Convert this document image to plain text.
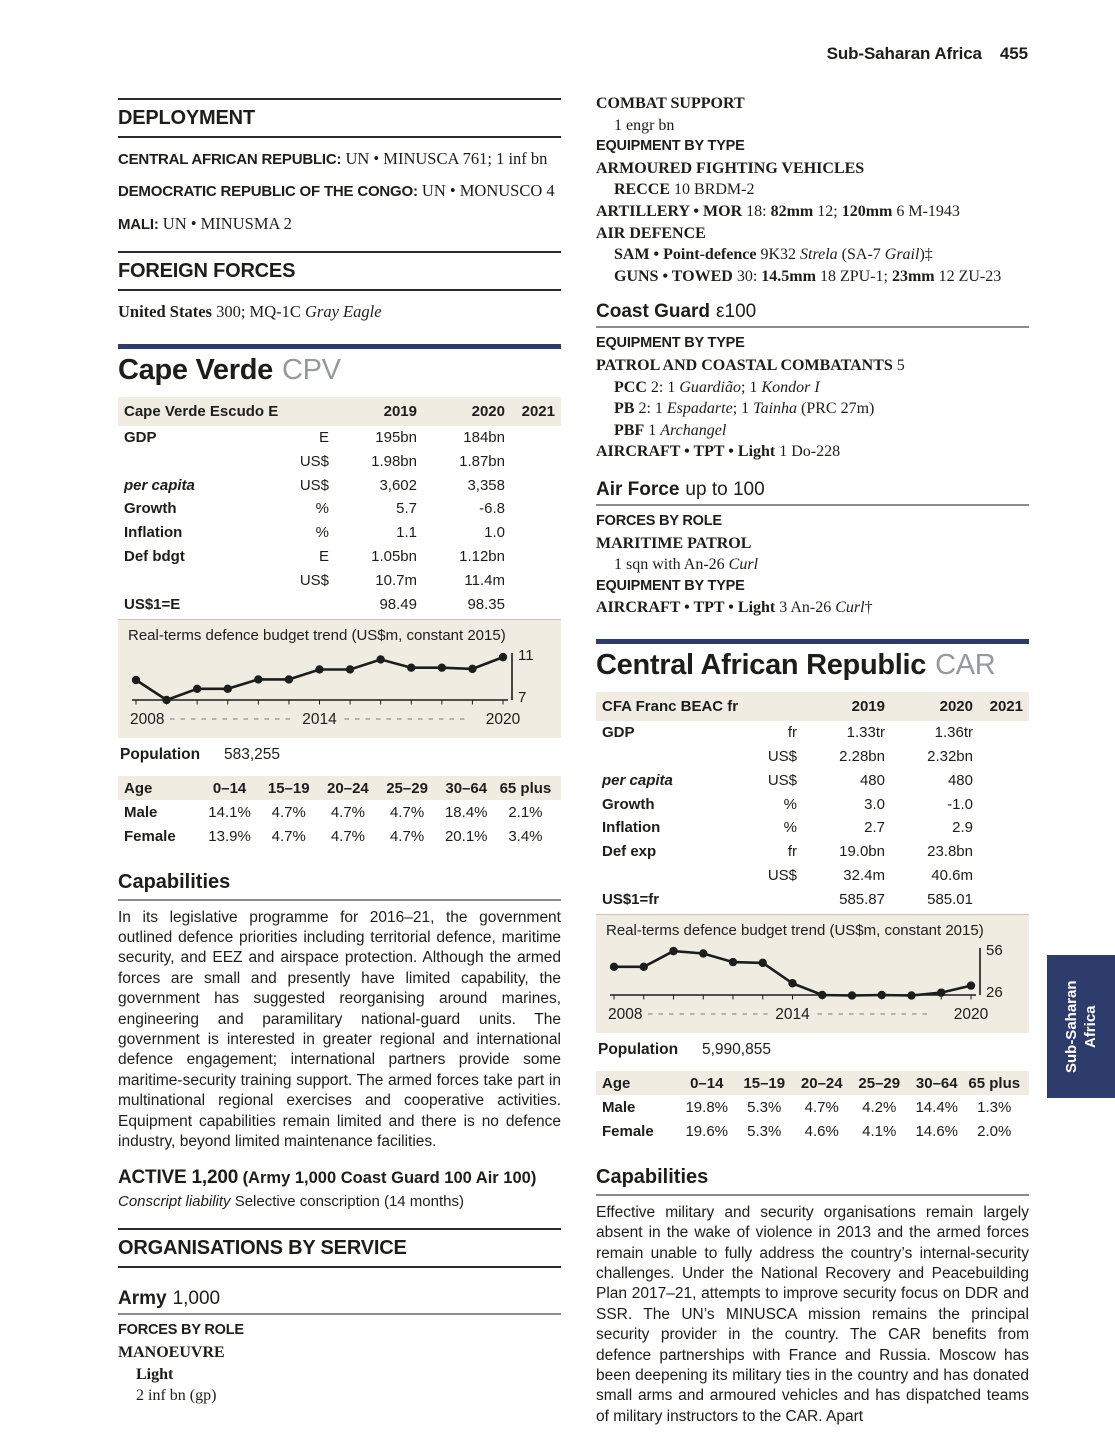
Sub-Saharan Africa 455
DEPLOYMENT
CENTRAL AFRICAN REPUBLIC: UN • MINUSCA 761; 1 inf bn
DEMOCRATIC REPUBLIC OF THE CONGO: UN • MONUSCO 4
MALI: UN • MINUSMA 2
FOREIGN FORCES
United States 300; MQ-1C Gray Eagle
Cape Verde CPV
Cape Verde Escudo E	2019	2020	2021
GDP	E	195bn	184bn
US$	1.98bn	1.87bn
per capita	US$	3,602	3,358
Growth	%	5.7	-6.8
Inflation	%	1.1	1.0
Def bdgt	E	1.05bn	1.12bn
US$	10.7m	11.4m
US$1=E	98.49	98.35
Real-terms defence budget trend (US$m, constant 2015)
11
7
2008	2014	2020
Population 583,255
Age	0–14	15–19	20–24	25–29	30–64 65 plus
Male	14.1%	4.7%	4.7%	4.7%	18.4%	2.1%
Female	13.9%	4.7%	4.7%	4.7%	20.1%	3.4%
Capabilities

In its legislative programme for 2016–21, the government outlined defence priorities including territorial defence, maritime security, and EEZ and airspace protection. Although the armed forces are small and presently have limited capability, the government has suggested reorganising around marines, engineering and paramilitary national-guard units. The government is interested in greater regional and international defence engagement; international partners provide some maritime-security training support. The armed forces take part in multinational regional exercises and cooperative activities. Equipment capabilities remain limited and there is no defence industry, beyond limited maintenance facilities.

ACTIVE 1,200 (Army 1,000 Coast Guard 100 Air 100)
Conscript liability Selective conscription (14 months)
ORGANISATIONS BY SERVICE
Army 1,000
FORCES BY ROLE
MANOEUVRE
Light
2 inf bn (gp)
COMBAT SUPPORT
1 engr bn
EQUIPMENT BY TYPE
ARMOURED FIGHTING VEHICLES
RECCE 10 BRDM-2
ARTILLERY • MOR 18: 82mm 12; 120mm 6 M-1943
AIR DEFENCE
SAM • Point-defence 9K32 Strela (SA-7 Grail)‡
GUNS • TOWED 30: 14.5mm 18 ZPU-1; 23mm 12 ZU-23
Coast Guard ε100
EQUIPMENT BY TYPE
PATROL AND COASTAL COMBATANTS 5
PCC 2: 1 Guardião; 1 Kondor I
PB 2: 1 Espadarte; 1 Tainha (PRC 27m)
PBF 1 Archangel
AIRCRAFT • TPT • Light 1 Do-228
Air Force up to 100
FORCES BY ROLE
MARITIME PATROL
1 sqn with An-26 Curl
EQUIPMENT BY TYPE
AIRCRAFT • TPT • Light 3 An-26 Curl†
Central African Republic CAR
CFA Franc BEAC fr	2019	2020	2021
GDP	fr	1.33tr	1.36tr
US$	2.28bn	2.32bn
per capita	US$	480	480
Growth	%	3.0	-1.0
Inflation	%	2.7	2.9
Def exp	fr	19.0bn	23.8bn
US$	32.4m	40.6m
US$1=fr	585.87	585.01
Real-terms defence budget trend (US$m, constant 2015)
56
26
2008	2014	2020
Population 5,990,855
Age	0–14	15–19	20–24	25–29	30–64 65 plus
Male	19.8%	5.3%	4.7%	4.2%	14.4%	1.3%
Female	19.6%	5.3%	4.6%	4.1%	14.6%	2.0%
Capabilities

Effective military and security organisations remain largely absent in the wake of violence in 2013 and the armed forces remain unable to fully address the country’s internal-security challenges. Under the National Recovery and Peacebuilding Plan 2017–21, attempts to improve security focus on DDR and SSR. The UN’s MINUSCA mission remains the principal security provider in the country. The CAR benefits from defence partnerships with France and Russia. Moscow has been deepening its military ties in the country and has donated small arms and armoured vehicles and has dispatched teams of military instructors to the CAR. Apart

Sub-Saharan Africa
